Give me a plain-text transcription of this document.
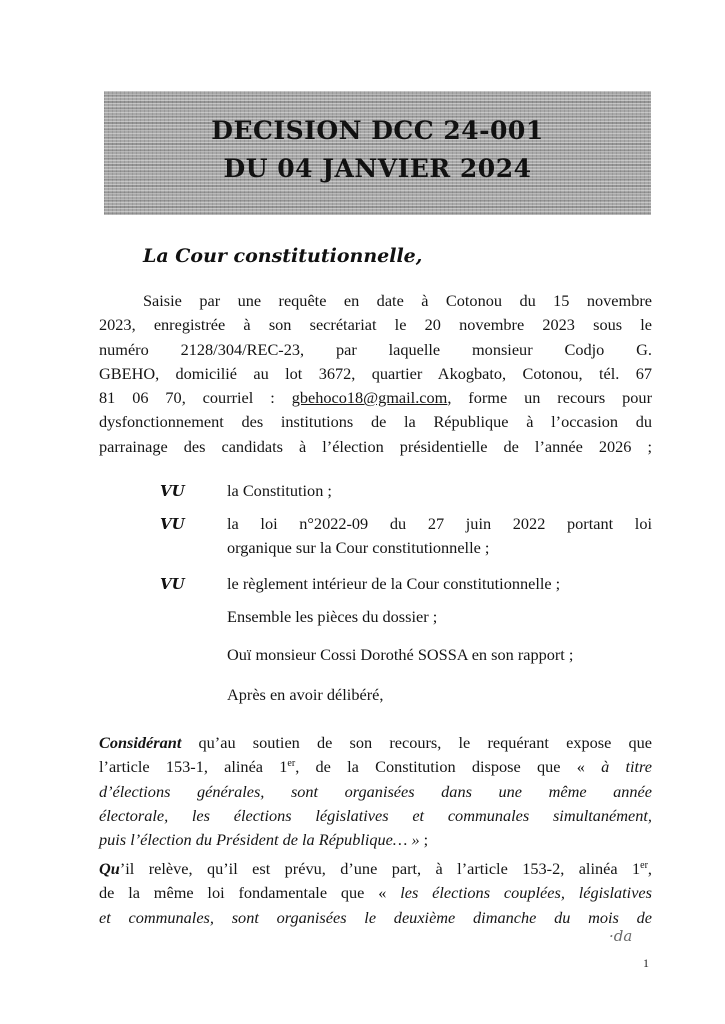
DECISION DCC 24-001
DU 04 JANVIER 2024
La Cour constitutionnelle,
Saisie par une requête en date à Cotonou du 15 novembre
2023, enregistrée à son secrétariat le 20 novembre 2023 sous le
numéro 2128/304/REC-23, par laquelle monsieur Codjo G.
GBEHO, domicilié au lot 3672, quartier Akogbato, Cotonou, tél. 67
81 06 70, courriel : gbehoco18@gmail.com, forme un recours pour
dysfonctionnement des institutions de la République à l’occasion du
parrainage des candidats à l’élection présidentielle de l’année 2026 ;
VU	la Constitution ;
VU	la loi n°2022-09 du 27 juin 2022 portant loi
organique sur la Cour constitutionnelle ;
VU	le règlement intérieur de la Cour constitutionnelle ;
Ensemble les pièces du dossier ;
Ouï monsieur Cossi Dorothé SOSSA en son rapport ;
Après en avoir délibéré,
Considérant qu’au soutien de son recours, le requérant expose que
l’article 153-1, alinéa 1er, de la Constitution dispose que « à titre
d’élections générales, sont organisées dans une même année
électorale, les élections législatives et communales simultanément,
puis l’élection du Président de la République… » ;
Qu’il relève, qu’il est prévu, d’une part, à l’article 153-2, alinéa 1er,
de la même loi fondamentale que « les élections couplées, législatives
et communales, sont organisées le deuxième dimanche du mois de
·da
1
